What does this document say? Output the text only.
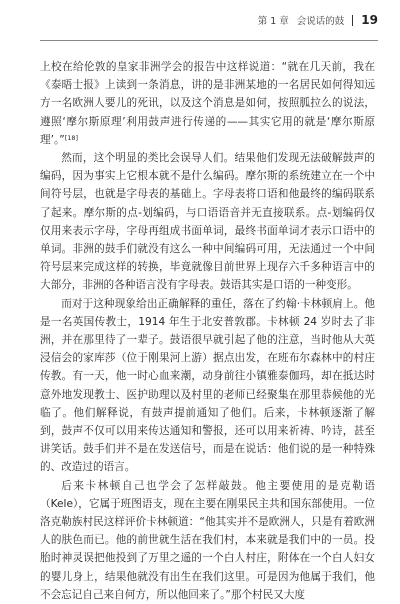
第 1 章 会说话的鼓 19

上校在给伦敦的皇家非洲学会的报告中这样说道：“就在几天前，我在《泰晤士报》上读到一条消息，讲的是非洲某地的一名居民如何得知远方一名欧洲人要儿的死讯，以及这个消息是如何，按照胍拉么的说法，遵照‘摩尔斯原理’利用鼓声进行传递的——其实它用的就是‘摩尔斯原理’。”[18]

然而，这个明显的类比会误导人们。结果他们发现无法破解鼓声的编码，因为事实上它根本就不是什么编码。摩尔斯的系统建立在一个中间符号层，也就是字母表的基础上。字母表将口语和他最终的编码联系了起来。摩尔斯的点-划编码，与口语语音并无直接联系。点-划编码仅仅用来表示字母，字母再组成书面单词，最终书面单词才表示口语中的单词。非洲的鼓手们就没有这么一种中间编码可用，无法通过一个中间符号层来完成这样的转换，毕竟就像目前世界上现存六千多种语言中的大部分，非洲的各种语言没有字母表。鼓语其实是口语的一种变形。

而对于这种现象给出正确解释的重任，落在了约翰·卡林顿肩上。他是一名英国传教士，1914 年生于北安普敦郡。卡林顿 24 岁时去了非洲，并在那里待了一辈子。鼓语很早就引起了他的注意，当时他从大英浸信会的家库莎（位于刚果河上游）据点出发，在班布尔森林中的村庄传教。有一天，他一时心血来潮，动身前往小镇雅泰伽玛，却在抵达时意外地发现教士、医护助理以及村里的老师已经聚集在那里恭候他的光临了。他们解释说，有鼓声提前通知了他们。后来，卡林顿逐渐了解到，鼓声不仅可以用来传达通知和警报，还可以用来祈祷、吟诗，甚至讲笑话。鼓手们并不是在发送信号，而是在说话：他们说的是一种特殊的、改造过的语言。

后来卡林顿自己也学会了怎样敲鼓。他主要使用的是克勒语（Kele），它属于班图语支，现在主要在刚果民主共和国东部使用。一位洛克勒族村民这样评价卡林顿道：“他其实并不是欧洲人，只是有着欧洲人的肤色而已。他的前世就生活在我们村，本来就是我们中的一员。投胎时神灵误把他投到了万里之遥的一个白人村庄，附体在一个白人妇女的婴儿身上，结果他就没有出生在我们这里。可是因为他属于我们，他不会忘记自己来自何方，所以他回来了。”那个村民又大度
